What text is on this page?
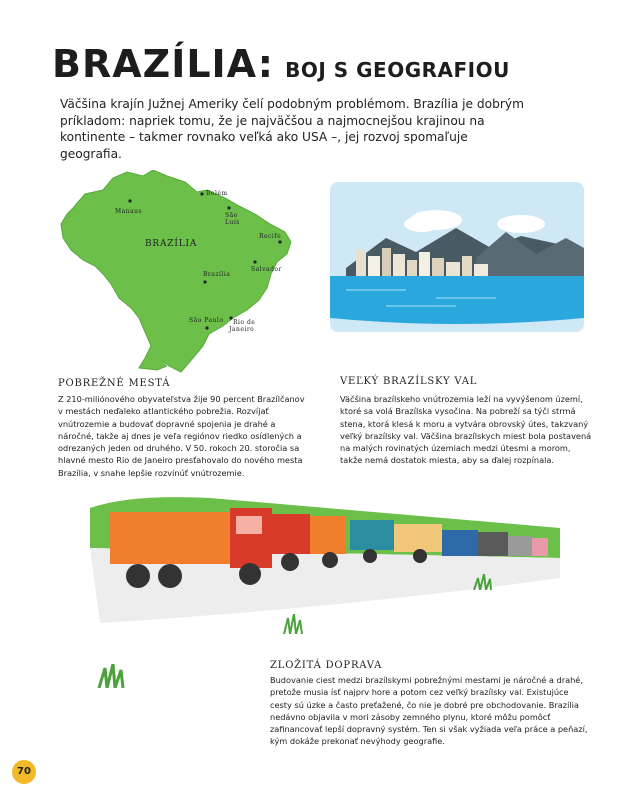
BRAZÍLIA: BOJ S GEOGRAFIOU
Väčšina krajín Južnej Ameriky čelí podobným problémom. Brazília je dobrým príkladom: napriek tomu, že je najväčšou a najmocnejšou krajinou na kontinente – takmer rovnako veľká ako USA –, jej rozvoj spomaľuje geografia.
BRAZÍLIA
Manaus
Belém
São
Luís
Recife
Salvador
Brazília
São Paulo Rio de
Janeiro
POBREŽNÉ MESTÁ
Z 210-miliónového obyvateľstva žije 90 percent Brazílčanov v mestách neďaleko atlantického pobrežia. Rozvíjať vnútrozemie a budovať dopravné spojenia je drahé a náročné, takže aj dnes je veľa regiónov riedko osídlených a odrezaných jeden od druhého. V 50. rokoch 20. storočia sa hlavné mesto Rio de Janeiro presťahovalo do nového mesta Brazília, v snahe lepšie rozvinúť vnútrozemie.
VEĽKÝ BRAZÍLSKY VAL
Väčšina brazílskeho vnútrozemia leží na vyvýšenom území, ktoré sa volá Brazílska vysočina. Na pobreží sa týči strmá stena, ktorá klesá k moru a vytvára obrovský útes, takzvaný veľký brazílsky val. Väčšina brazílskych miest bola postavená na malých rovinatých územiach medzi útesmi a morom, takže nemá dostatok miesta, aby sa ďalej rozpínala.
ZLOŽITÁ DOPRAVA
Budovanie ciest medzi brazílskymi pobrežnými mestami je náročné a drahé, pretože musia ísť najprv hore a potom cez veľký brazílsky val. Existujúce cesty sú úzke a často preťažené, čo nie je dobré pre obchodovanie. Brazília nedávno objavila v mori zásoby zemného plynu, ktoré môžu pomôcť zafinancovať lepší dopravný systém. Ten si však vyžiada veľa práce a peňazí, kým dokáže prekonať nevýhody geografie.
70
